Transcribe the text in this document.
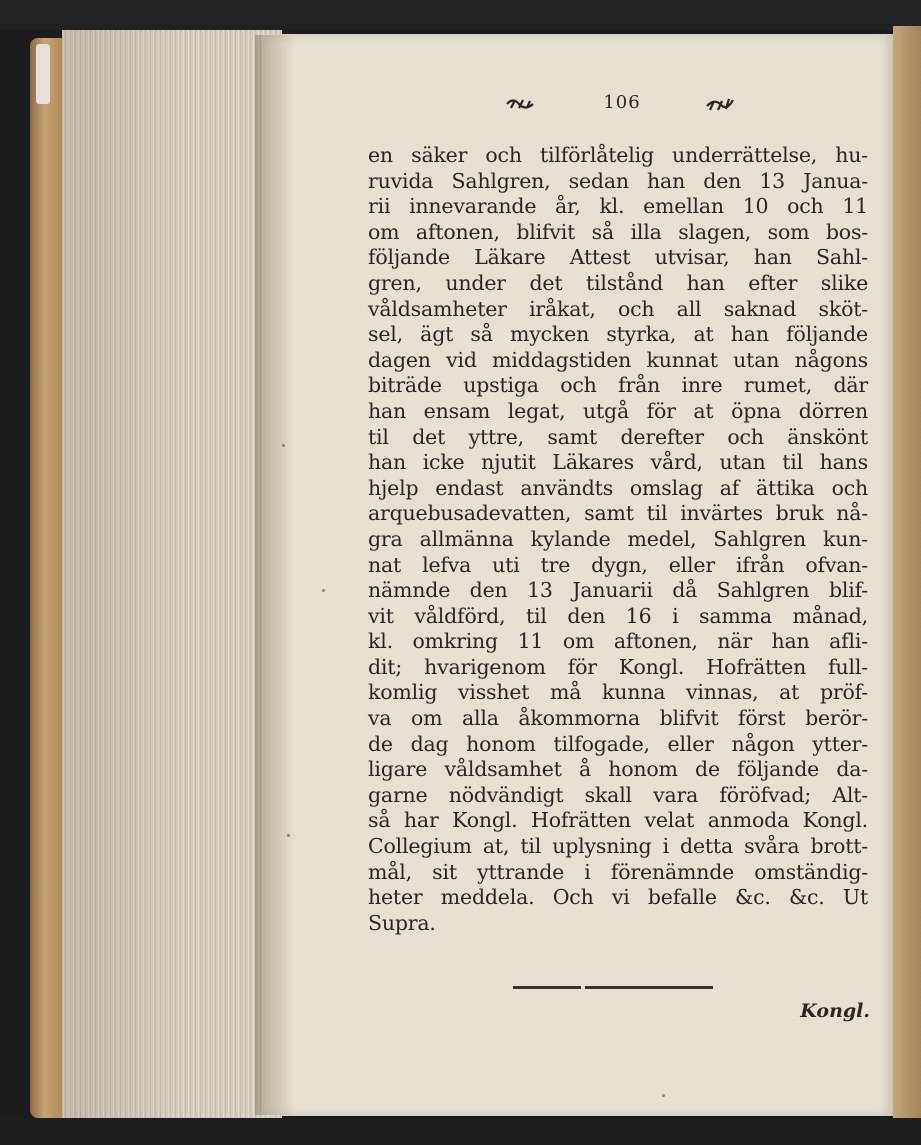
106
en säker och tilförlåtelig underrättelse, hu-
ruvida Sahlgren, sedan han den 13 Janua-
rii innevarande år, kl. emellan 10 och 11
om aftonen, blifvit så illa slagen, som bos-
följande Läkare Attest utvisar, han Sahl-
gren, under det tilstånd han efter slike
våldsamheter iråkat, och all saknad sköt-
sel, ägt så mycken styrka, at han följande
dagen vid middagstiden kunnat utan någons
biträde upstiga och från inre rumet, där
han ensam legat, utgå för at öpna dörren
til det yttre, samt derefter och änskönt
han icke njutit Läkares vård, utan til hans
hjelp endast användts omslag af ättika och
arquebusadevatten, samt til invärtes bruk nå-
gra allmänna kylande medel, Sahlgren kun-
nat lefva uti tre dygn, eller ifrån ofvan-
nämnde den 13 Januarii då Sahlgren blif-
vit våldförd, til den 16 i samma månad,
kl. omkring 11 om aftonen, när han afli-
dit; hvarigenom för Kongl. Hofrätten full-
komlig visshet må kunna vinnas, at pröf-
va om alla åkommorna blifvit först berör-
de dag honom tilfogade, eller någon ytter-
ligare våldsamhet å honom de följande da-
garne nödvändigt skall vara föröfvad; Alt-
så har Kongl. Hofrätten velat anmoda Kongl.
Collegium at, til uplysning i detta svåra brott-
mål, sit yttrande i förenämnde omständig-
heter meddela. Och vi befalle &c. &c. Ut
Supra.
Kongl.
